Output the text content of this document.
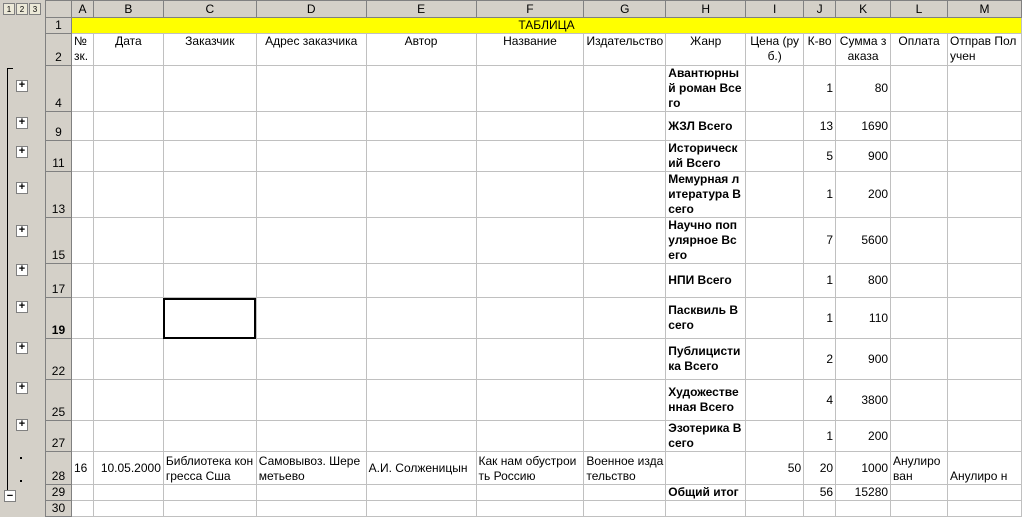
1	2	3
+
+
+
+
+
+
+
+
+
+
−
	A	B	C	D	E	F	G	H	I	J	K	L	M
1	ТАБЛИЦА												
2	№ зк.	Дата	Заказчик	Адрес заказчика	Автор	Название	Издательство	Жанр	Цена (руб.)	К-во	Сумма заказа	Оплата	Отправ Получен
4								Авантюрный роман Всего		1	80		
9								ЖЗЛ Всего		13	1690		
11								Историческ ий Всего		5	900		
13								Мемурная литература Всего		1	200		
15								Научно популярное Всего		7	5600		
17								НПИ Всего		1	800		
19								Пасквиль Всего		1	110		
22								Публицисти ка Всего		2	900		
25								Художестве нная Всего		4	3800		
27								Эзотерика Всего		1	200		
28	16	10.05.2000	Библиотека конгресса Сша	Самовывоз. Шереметьево	А.И. Солженицын	Как нам обустроить Россию	Военное издательство		50	20	1000	Анулиро ван	Анулиро н
29								Общий итог		56	15280		
30													
